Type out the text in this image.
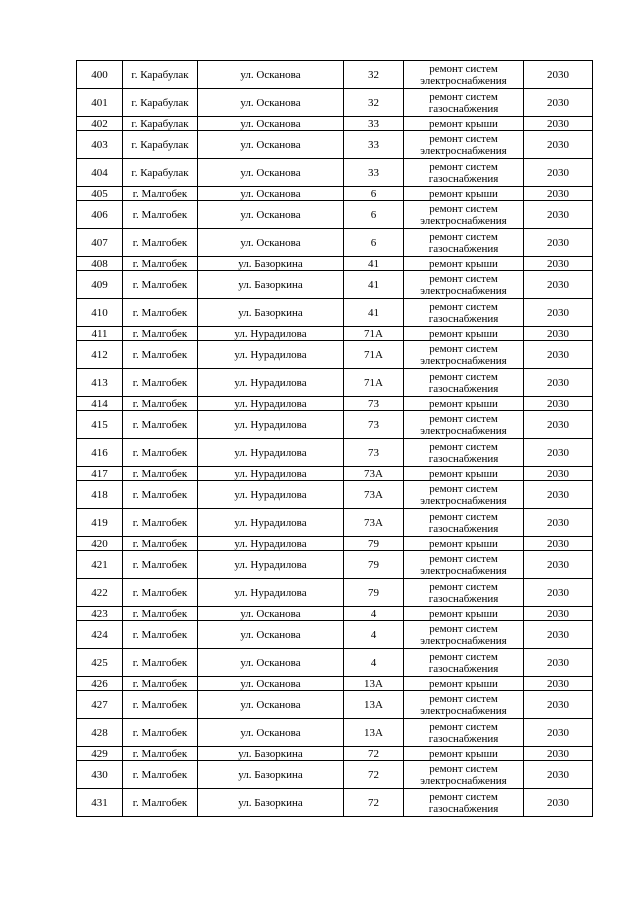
400	г. Карабулак	ул. Осканова	32	ремонт систем электроснабжения	2030
401	г. Карабулак	ул. Осканова	32	ремонт систем газоснабжения	2030
402	г. Карабулак	ул. Осканова	33	ремонт крыши	2030
403	г. Карабулак	ул. Осканова	33	ремонт систем электроснабжения	2030
404	г. Карабулак	ул. Осканова	33	ремонт систем газоснабжения	2030
405	г. Малгобек	ул. Осканова	6	ремонт крыши	2030
406	г. Малгобек	ул. Осканова	6	ремонт систем электроснабжения	2030
407	г. Малгобек	ул. Осканова	6	ремонт систем газоснабжения	2030
408	г. Малгобек	ул. Базоркина	41	ремонт крыши	2030
409	г. Малгобек	ул. Базоркина	41	ремонт систем электроснабжения	2030
410	г. Малгобек	ул. Базоркина	41	ремонт систем газоснабжения	2030
411	г. Малгобек	ул. Нурадилова	71А	ремонт крыши	2030
412	г. Малгобек	ул. Нурадилова	71А	ремонт систем электроснабжения	2030
413	г. Малгобек	ул. Нурадилова	71А	ремонт систем газоснабжения	2030
414	г. Малгобек	ул. Нурадилова	73	ремонт крыши	2030
415	г. Малгобек	ул. Нурадилова	73	ремонт систем электроснабжения	2030
416	г. Малгобек	ул. Нурадилова	73	ремонт систем газоснабжения	2030
417	г. Малгобек	ул. Нурадилова	73А	ремонт крыши	2030
418	г. Малгобек	ул. Нурадилова	73А	ремонт систем электроснабжения	2030
419	г. Малгобек	ул. Нурадилова	73А	ремонт систем газоснабжения	2030
420	г. Малгобек	ул. Нурадилова	79	ремонт крыши	2030
421	г. Малгобек	ул. Нурадилова	79	ремонт систем электроснабжения	2030
422	г. Малгобек	ул. Нурадилова	79	ремонт систем газоснабжения	2030
423	г. Малгобек	ул. Осканова	4	ремонт крыши	2030
424	г. Малгобек	ул. Осканова	4	ремонт систем электроснабжения	2030
425	г. Малгобек	ул. Осканова	4	ремонт систем газоснабжения	2030
426	г. Малгобек	ул. Осканова	13А	ремонт крыши	2030
427	г. Малгобек	ул. Осканова	13А	ремонт систем электроснабжения	2030
428	г. Малгобек	ул. Осканова	13А	ремонт систем газоснабжения	2030
429	г. Малгобек	ул. Базоркина	72	ремонт крыши	2030
430	г. Малгобек	ул. Базоркина	72	ремонт систем электроснабжения	2030
431	г. Малгобек	ул. Базоркина	72	ремонт систем газоснабжения	2030
